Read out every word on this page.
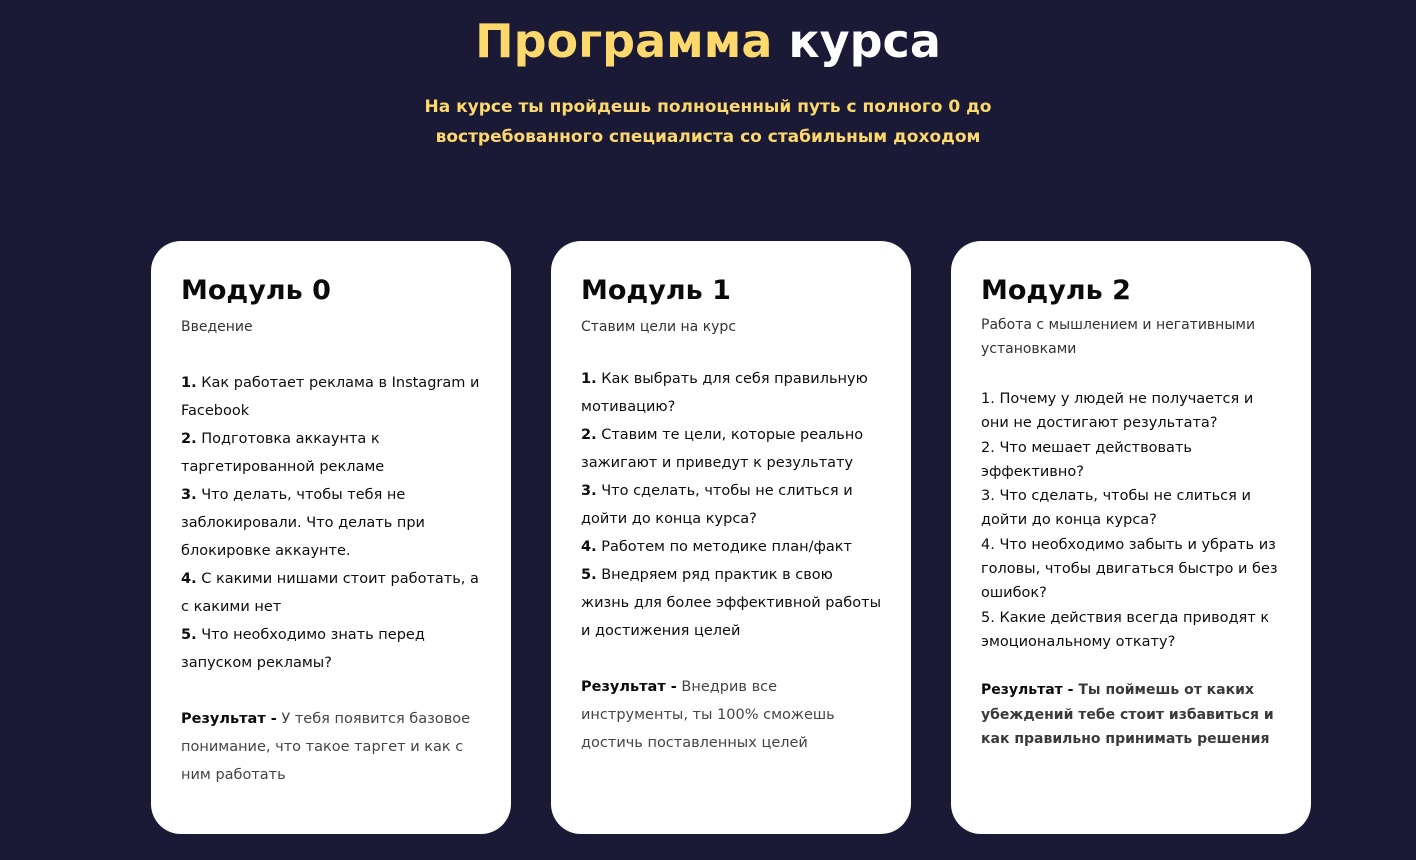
Программа курса
На курсе ты пройдешь полноценный путь с полного 0 до
востребованного специалиста со стабильным доходом
Модуль 0
Введение
1. Как работает реклама в Instagram и Facebook
2. Подготовка аккаунта к таргетированной рекламе
3. Что делать, чтобы тебя не заблокировали. Что делать при блокировке аккаунте.
4. С какими нишами стоит работать, а с какими нет
5. Что необходимо знать перед запуском рекламы?
Результат - У тебя появится базовое понимание, что такое таргет и как с ним работать
Модуль 1
Ставим цели на курс
1. Как выбрать для себя правильную мотивацию?
2. Ставим те цели, которые реально зажигают и приведут к результату
3. Что сделать, чтобы не слиться и дойти до конца курса?
4. Работем по методике план/факт
5. Внедряем ряд практик в свою жизнь для более эффективной работы и достижения целей
Результат - Внедрив все инструменты, ты 100% сможешь достичь поставленных целей
Модуль 2
Работа с мышлением и негативными установками
1. Почему у людей не получается и они не достигают результата?
2. Что мешает действовать эффективно?
3. Что сделать, чтобы не слиться и дойти до конца курса?
4. Что необходимо забыть и убрать из головы, чтобы двигаться быстро и без ошибок?
5. Какие действия всегда приводят к эмоциональному откату?
Результат - Ты поймешь от каких убеждений тебе стоит избавиться и как правильно принимать решения
